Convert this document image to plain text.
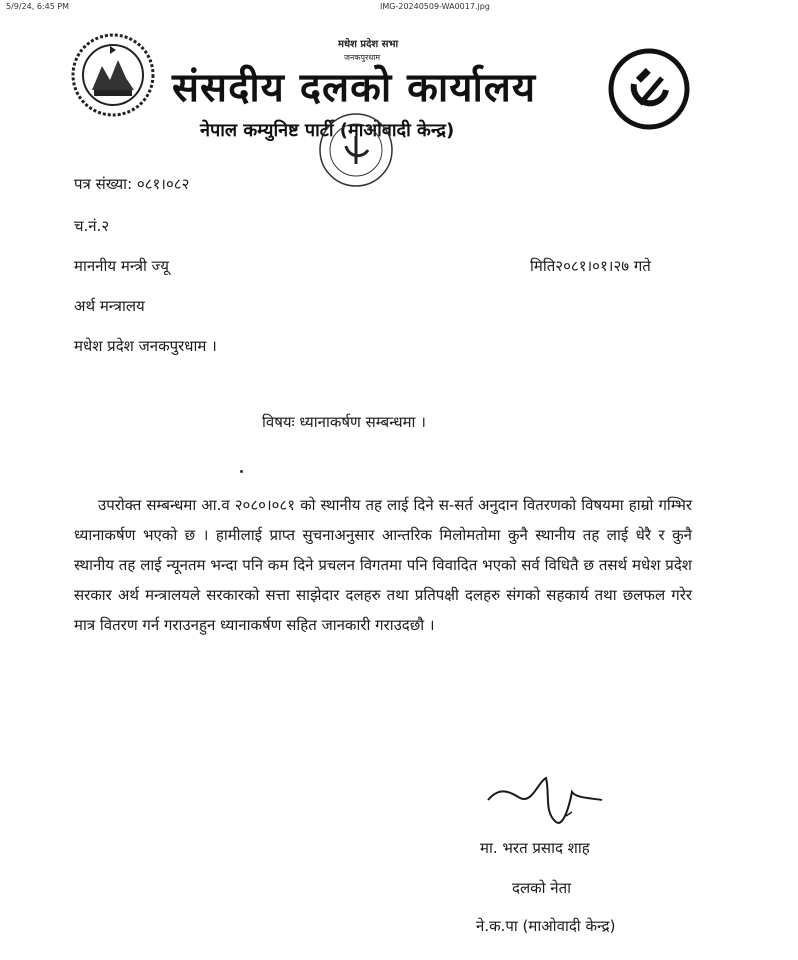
5/9/24, 6:45 PM	IMG-20240509-WA0017.jpg
मधेश प्रदेश सभा
जनकपुरधाम
संसदीय दलको कार्यालय
नेपाल कम्युनिष्ट पार्टी (माओवादी केन्द्र)
पत्र संख्या: ०८१।०८२
च.नं.२
माननीय मन्त्री ज्यू	मिति२०८१।०१।२७ गते
अर्थ मन्त्रालय
मधेश प्रदेश जनकपुरधाम ।
विषयः ध्यानाकर्षण सम्बन्धमा ।
उपरोक्त सम्बन्धमा आ.व २०८०।०८१ को स्थानीय तह लाई दिने स-सर्त अनुदान वितरणको विषयमा हाम्रो गम्भिर ध्यानाकर्षण भएको छ । हामीलाई प्राप्त सुचनाअनुसार आन्तरिक मिलोमतोमा कुनै स्थानीय तह लाई धेरै र कुनै स्थानीय तह लाई न्यूनतम भन्दा पनि कम दिने प्रचलन विगतमा पनि विवादित भएको सर्व विधितै छ तसर्थ मधेश प्रदेश सरकार अर्थ मन्त्रालयले सरकारको सत्ता साझेदार दलहरु तथा प्रतिपक्षी दलहरु संगको सहकार्य तथा छलफल गरेर मात्र वितरण गर्न गराउनहुन ध्यानाकर्षण सहित जानकारी गराउदछौ ।
मा. भरत प्रसाद शाह
दलको नेता
ने.क.पा (माओवादी केन्द्र)
